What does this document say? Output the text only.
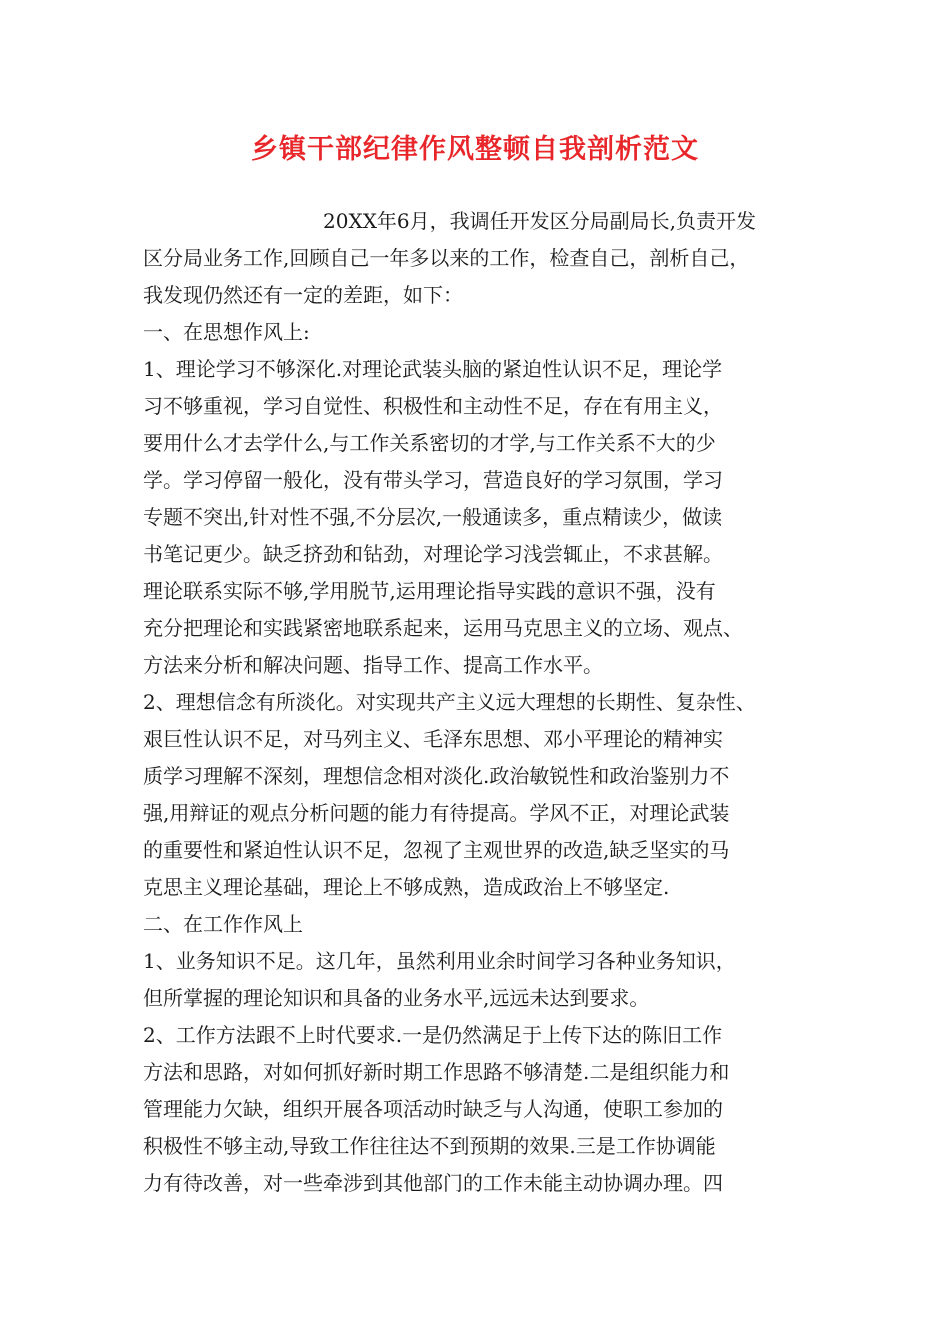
乡镇干部纪律作风整顿自我剖析范文
20XX年6月，我调任开发区分局副局长,负责开发
区分局业务工作,回顾自己一年多以来的工作，检查自己，剖析自己，
我发现仍然还有一定的差距，如下：
一、在思想作风上:
1、理论学习不够深化.对理论武装头脑的紧迫性认识不足，理论学
习不够重视，学习自觉性、积极性和主动性不足，存在有用主义，
要用什么才去学什么,与工作关系密切的才学,与工作关系不大的少
学。学习停留一般化，没有带头学习，营造良好的学习氛围，学习
专题不突出,针对性不强,不分层次,一般通读多，重点精读少，做读
书笔记更少。缺乏挤劲和钻劲，对理论学习浅尝辄止，不求甚解。
理论联系实际不够,学用脱节,运用理论指导实践的意识不强，没有
充分把理论和实践紧密地联系起来，运用马克思主义的立场、观点、
方法来分析和解决问题、指导工作、提高工作水平。
2、理想信念有所淡化。对实现共产主义远大理想的长期性、复杂性、
艰巨性认识不足，对马列主义、毛泽东思想、邓小平理论的精神实
质学习理解不深刻，理想信念相对淡化.政治敏锐性和政治鉴别力不
强,用辩证的观点分析问题的能力有待提高。学风不正，对理论武装
的重要性和紧迫性认识不足，忽视了主观世界的改造,缺乏坚实的马
克思主义理论基础，理论上不够成熟，造成政治上不够坚定.
二、在工作作风上
1、业务知识不足。这几年，虽然利用业余时间学习各种业务知识，
但所掌握的理论知识和具备的业务水平,远远未达到要求。
2、工作方法跟不上时代要求.一是仍然满足于上传下达的陈旧工作
方法和思路，对如何抓好新时期工作思路不够清楚.二是组织能力和
管理能力欠缺，组织开展各项活动时缺乏与人沟通，使职工参加的
积极性不够主动,导致工作往往达不到预期的效果.三是工作协调能
力有待改善，对一些牵涉到其他部门的工作未能主动协调办理。四
